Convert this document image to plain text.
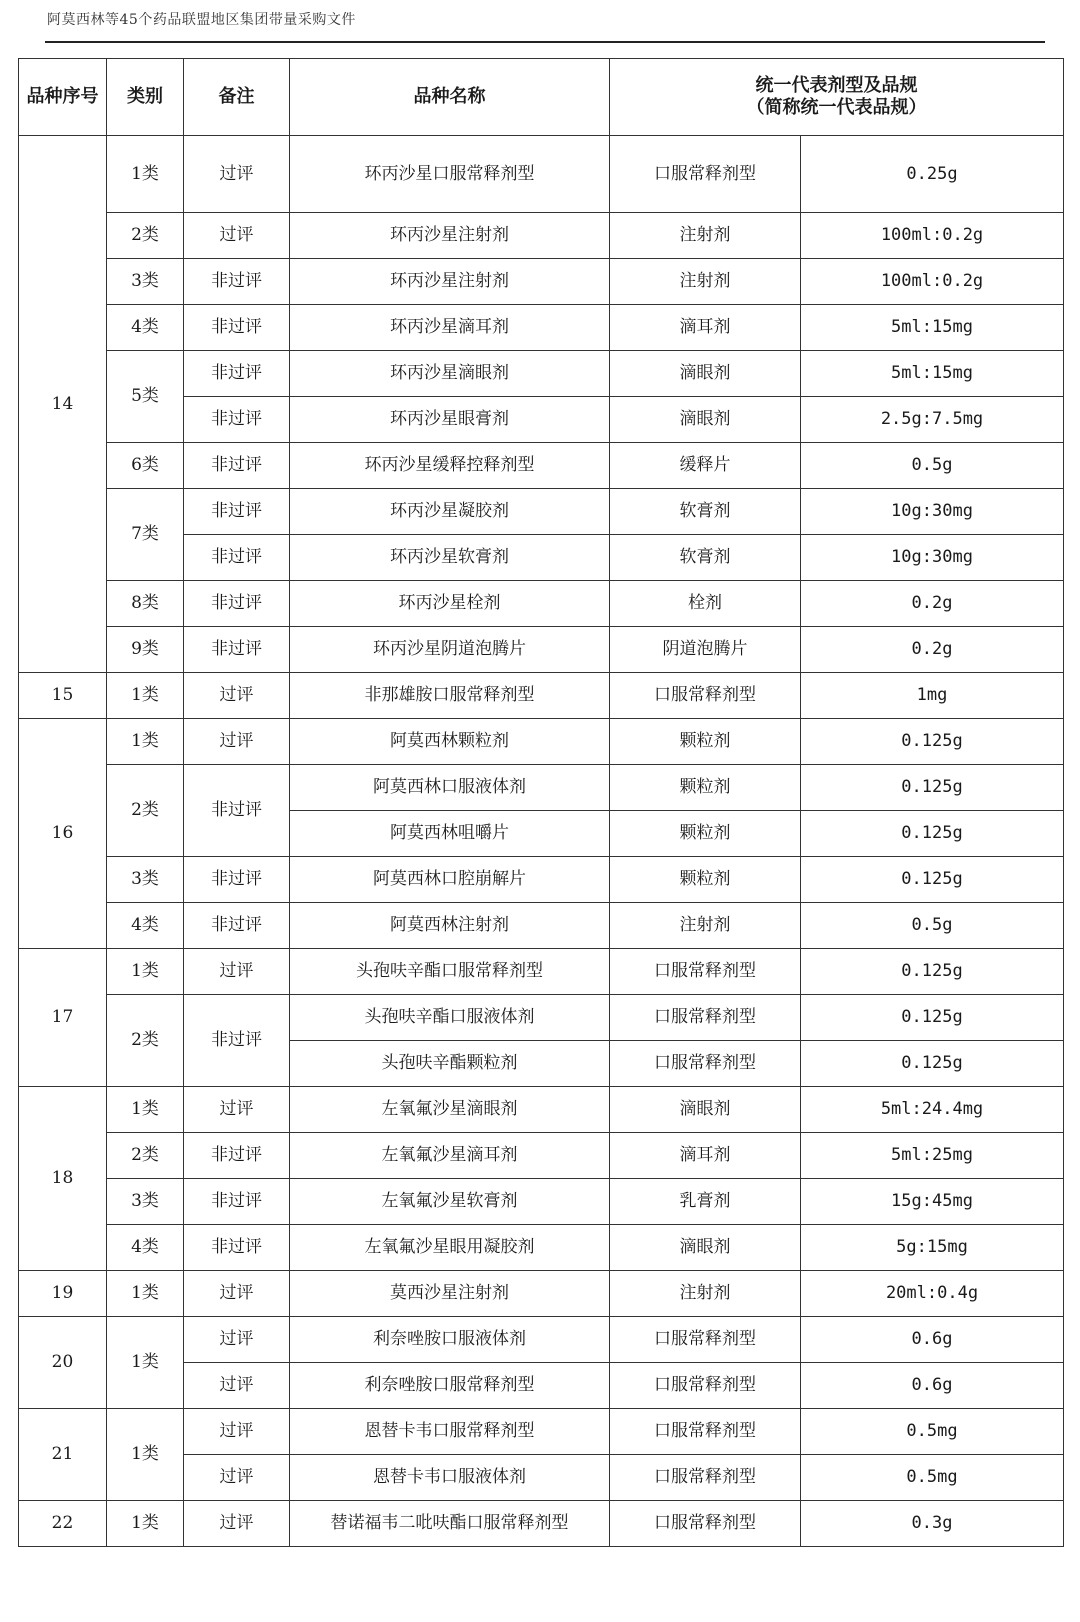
阿莫西林等45个药品联盟地区集团带量采购文件
品种序号	类别	备注	品种名称	统一代表剂型及品规
（简称统一代表品规）	

14	1类	过评	环丙沙星口服常释剂型	口服常释剂型	0.25g
	2类	过评	环丙沙星注射剂	注射剂	100ml:0.2g
	3类	非过评	环丙沙星注射剂	注射剂	100ml:0.2g
	4类	非过评	环丙沙星滴耳剂	滴耳剂	5ml:15mg
	5类	非过评	环丙沙星滴眼剂	滴眼剂	5ml:15mg
		非过评	环丙沙星眼膏剂	滴眼剂	2.5g:7.5mg
	6类	非过评	环丙沙星缓释控释剂型	缓释片	0.5g
	7类	非过评	环丙沙星凝胶剂	软膏剂	10g:30mg
		非过评	环丙沙星软膏剂	软膏剂	10g:30mg
	8类	非过评	环丙沙星栓剂	栓剂	0.2g
	9类	非过评	环丙沙星阴道泡腾片	阴道泡腾片	0.2g
15	1类	过评	非那雄胺口服常释剂型	口服常释剂型	1mg
16	1类	过评	阿莫西林颗粒剂	颗粒剂	0.125g
	2类	非过评	阿莫西林口服液体剂	颗粒剂	0.125g
			阿莫西林咀嚼片	颗粒剂	0.125g
	3类	非过评	阿莫西林口腔崩解片	颗粒剂	0.125g
	4类	非过评	阿莫西林注射剂	注射剂	0.5g
17	1类	过评	头孢呋辛酯口服常释剂型	口服常释剂型	0.125g
	2类	非过评	头孢呋辛酯口服液体剂	口服常释剂型	0.125g
			头孢呋辛酯颗粒剂	口服常释剂型	0.125g
18	1类	过评	左氧氟沙星滴眼剂	滴眼剂	5ml:24.4mg
	2类	非过评	左氧氟沙星滴耳剂	滴耳剂	5ml:25mg
	3类	非过评	左氧氟沙星软膏剂	乳膏剂	15g:45mg
	4类	非过评	左氧氟沙星眼用凝胶剂	滴眼剂	5g:15mg
19	1类	过评	莫西沙星注射剂	注射剂	20ml:0.4g
20	1类	过评	利奈唑胺口服液体剂	口服常释剂型	0.6g
		过评	利奈唑胺口服常释剂型	口服常释剂型	0.6g
21	1类	过评	恩替卡韦口服常释剂型	口服常释剂型	0.5mg
		过评	恩替卡韦口服液体剂	口服常释剂型	0.5mg
22	1类	过评	替诺福韦二吡呋酯口服常释剂型	口服常释剂型	0.3g
